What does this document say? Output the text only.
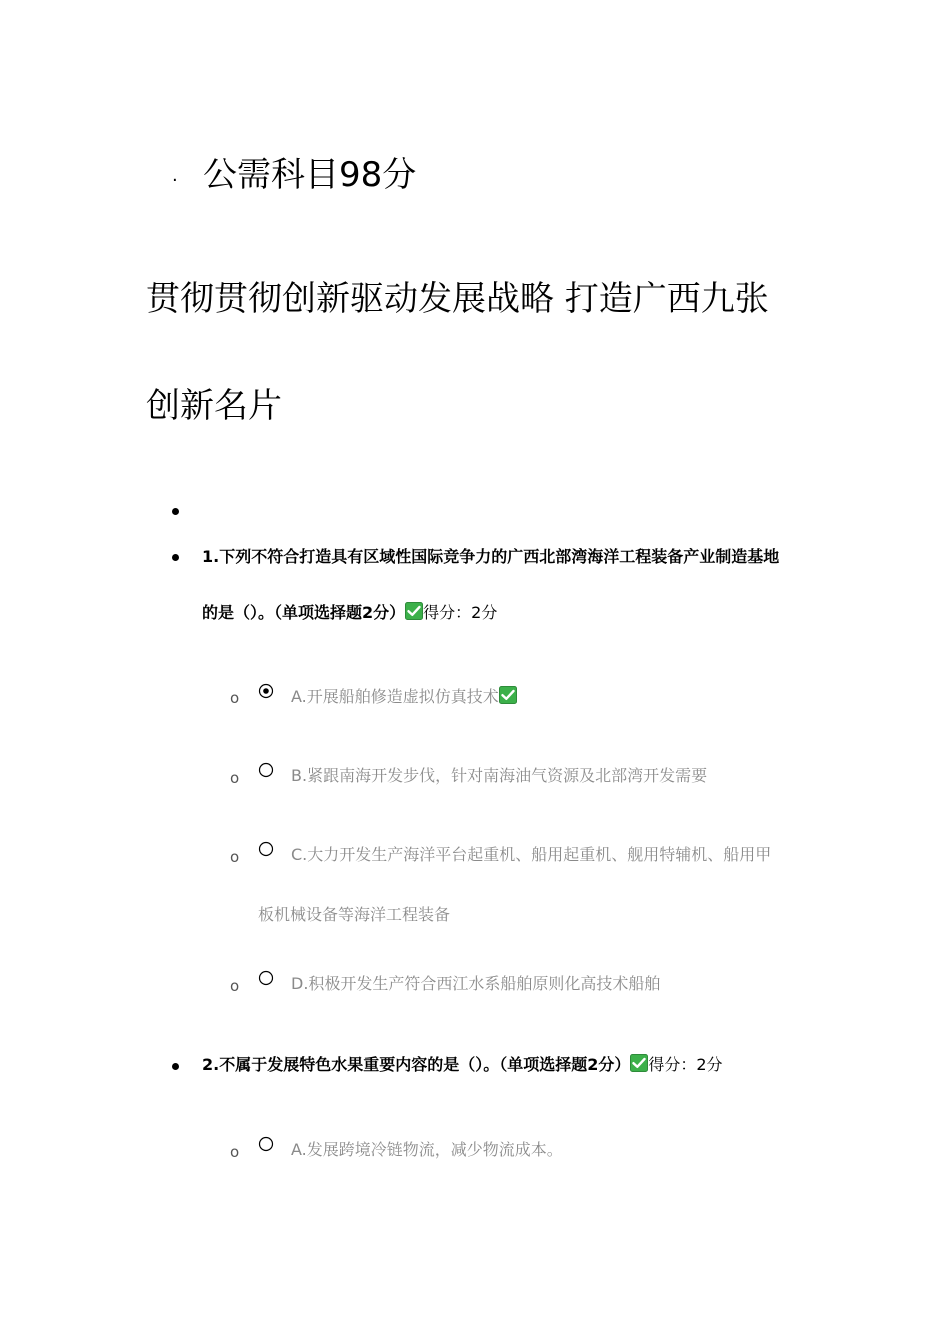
· 公需科目98分
贯彻贯彻创新驱动发展战略 打造广西九张
创新名片
1.下列不符合打造具有区域性国际竞争力的广西北部湾海洋工程装备产业制造基地
的是（）。（单项选择题2分） 得分：2分
o	A.开展船舶修造虚拟仿真技术
o	B.紧跟南海开发步伐，针对南海油气资源及北部湾开发需要
o	C.大力开发生产海洋平台起重机、船用起重机、舰用特辅机、船用甲
板机械设备等海洋工程装备
o	D.积极开发生产符合西江水系船舶原则化高技术船舶
2.不属于发展特色水果重要内容的是（）。（单项选择题2分） 得分：2分
o	A.发展跨境冷链物流，减少物流成本。
